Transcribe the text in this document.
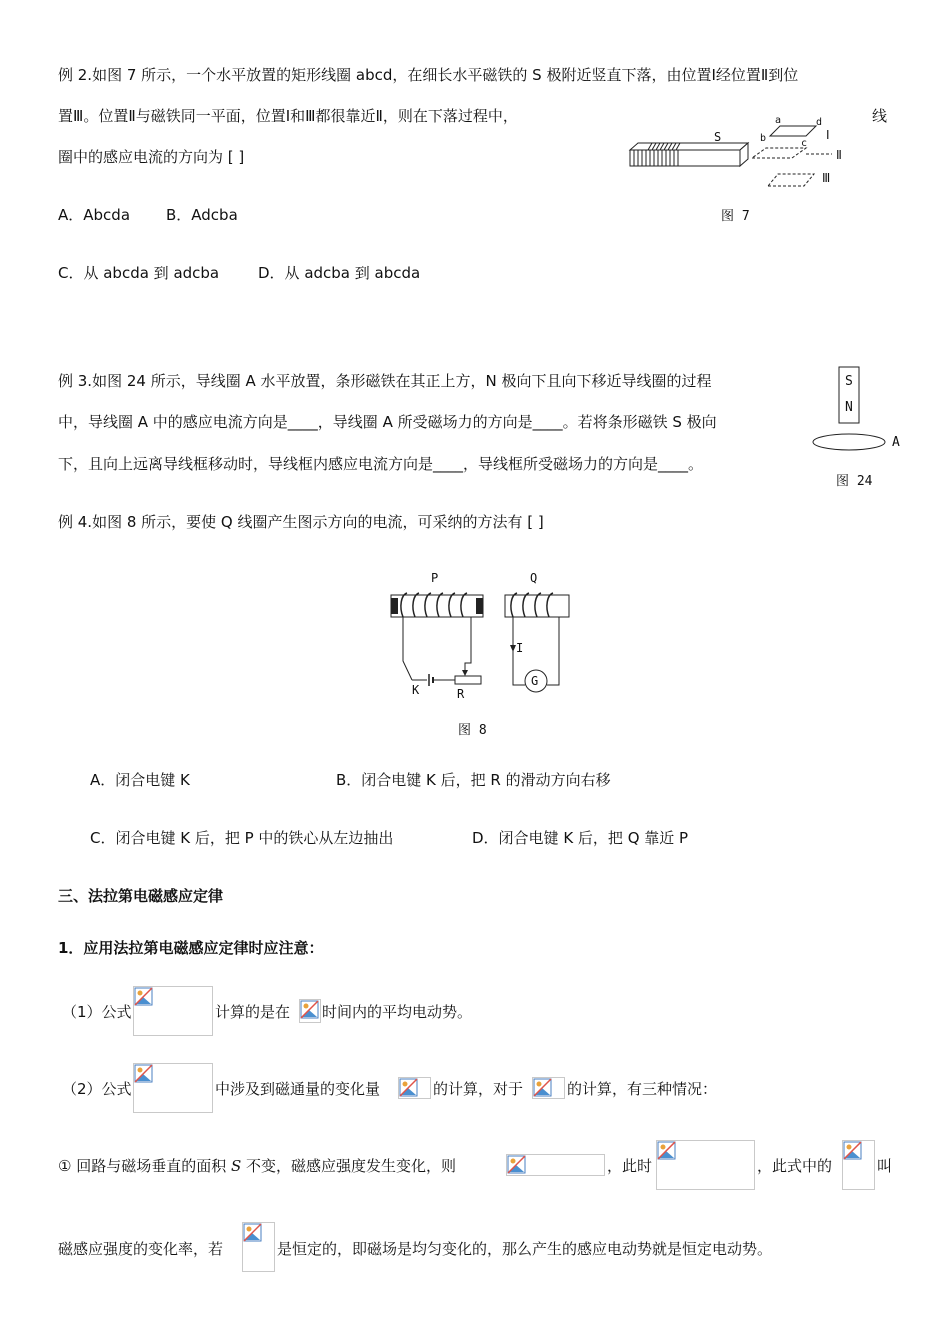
例 2.如图 7 所示，一个水平放置的矩形线圈 abcd，在细长水平磁铁的 S 极附近竖直下落，由位置Ⅰ经位置Ⅱ到位
置Ⅲ。位置Ⅱ与磁铁同一平面，位置Ⅰ和Ⅲ都很靠近Ⅱ，则在下落过程中，	线
圈中的感应电流的方向为 [ ]
A．Abcda B．Adcba
C．从 abcda 到 adcba	D．从 adcba 到 abcda
S
a
b	c
d
Ⅰ
Ⅱ
Ⅲ
图 7
例 3.如图 24 所示，导线圈 A 水平放置，条形磁铁在其正上方，N 极向下且向下移近导线圈的过程
中，导线圈 A 中的感应电流方向是____，导线圈 A 所受磁场力的方向是____。若将条形磁铁 S 极向
下，且向上远离导线框移动时，导线框内感应电流方向是____，导线框所受磁场力的方向是____。
S
N
A
图 24
例 4.如图 8 所示，要使 Q 线圈产生图示方向的电流，可采纳的方法有 [ ]
P	Q
I
K	R
G
图 8
A．闭合电键 K	B．闭合电键 K 后，把 R 的滑动方向右移
C．闭合电键 K 后，把 P 中的铁心从左边抽出	D．闭合电键 K 后，把 Q 靠近 P
三、法拉第电磁感应定律
1．应用法拉第电磁感应定律时应注意：
（1）公式	计算的是在 时间内的平均电动势。
（2）公式	中涉及到磁通量的变化量	的计算，对于	的计算，有三种情况：
① 回路与磁场垂直的面积 S 不变，磁感应强度发生变化，则	，此时	，此式中的	叫
磁感应强度的变化率，若	是恒定的，即磁场是均匀变化的，那么产生的感应电动势就是恒定电动势。
